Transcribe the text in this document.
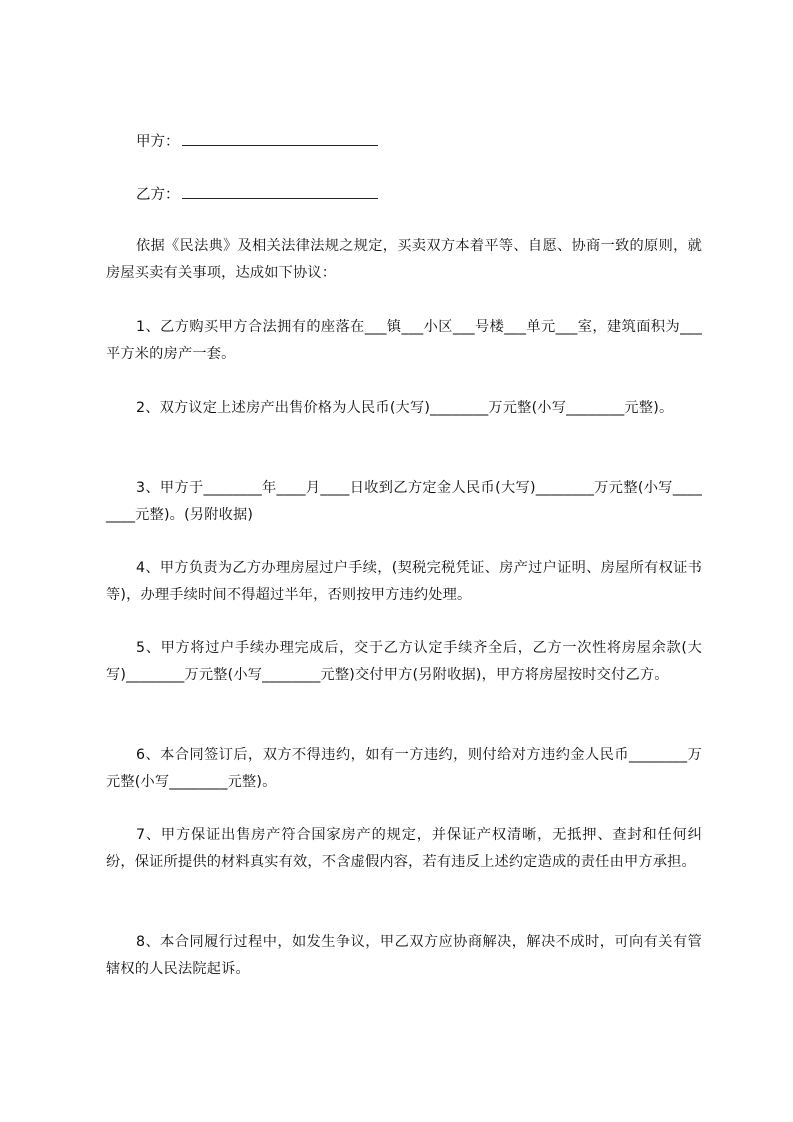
甲方：
乙方：

依据《民法典》及相关法律法规之规定，买卖双方本着平等、自愿、协商一致的原则，就房屋买卖有关事项，达成如下协议：

1、乙方购买甲方合法拥有的座落在___镇___小区___号楼___单元___室，建筑面积为___平方米的房产一套。

2、双方议定上述房产出售价格为人民币(大写)________万元整(小写________元整)。

3、甲方于________年____月____日收到乙方定金人民币(大写)________万元整(小写________元整)。(另附收据)

4、甲方负责为乙方办理房屋过户手续，(契税完税凭证、房产过户证明、房屋所有权证书等)，办理手续时间不得超过半年，否则按甲方违约处理。

5、甲方将过户手续办理完成后，交于乙方认定手续齐全后，乙方一次性将房屋余款(大写)________万元整(小写________元整)交付甲方(另附收据)，甲方将房屋按时交付乙方。

6、本合同签订后，双方不得违约，如有一方违约，则付给对方违约金人民币________万元整(小写________元整)。

7、甲方保证出售房产符合国家房产的规定，并保证产权清晰，无抵押、查封和任何纠纷，保证所提供的材料真实有效，不含虚假内容，若有违反上述约定造成的责任由甲方承担。

8、本合同履行过程中，如发生争议，甲乙双方应协商解决，解决不成时，可向有关有管辖权的人民法院起诉。
